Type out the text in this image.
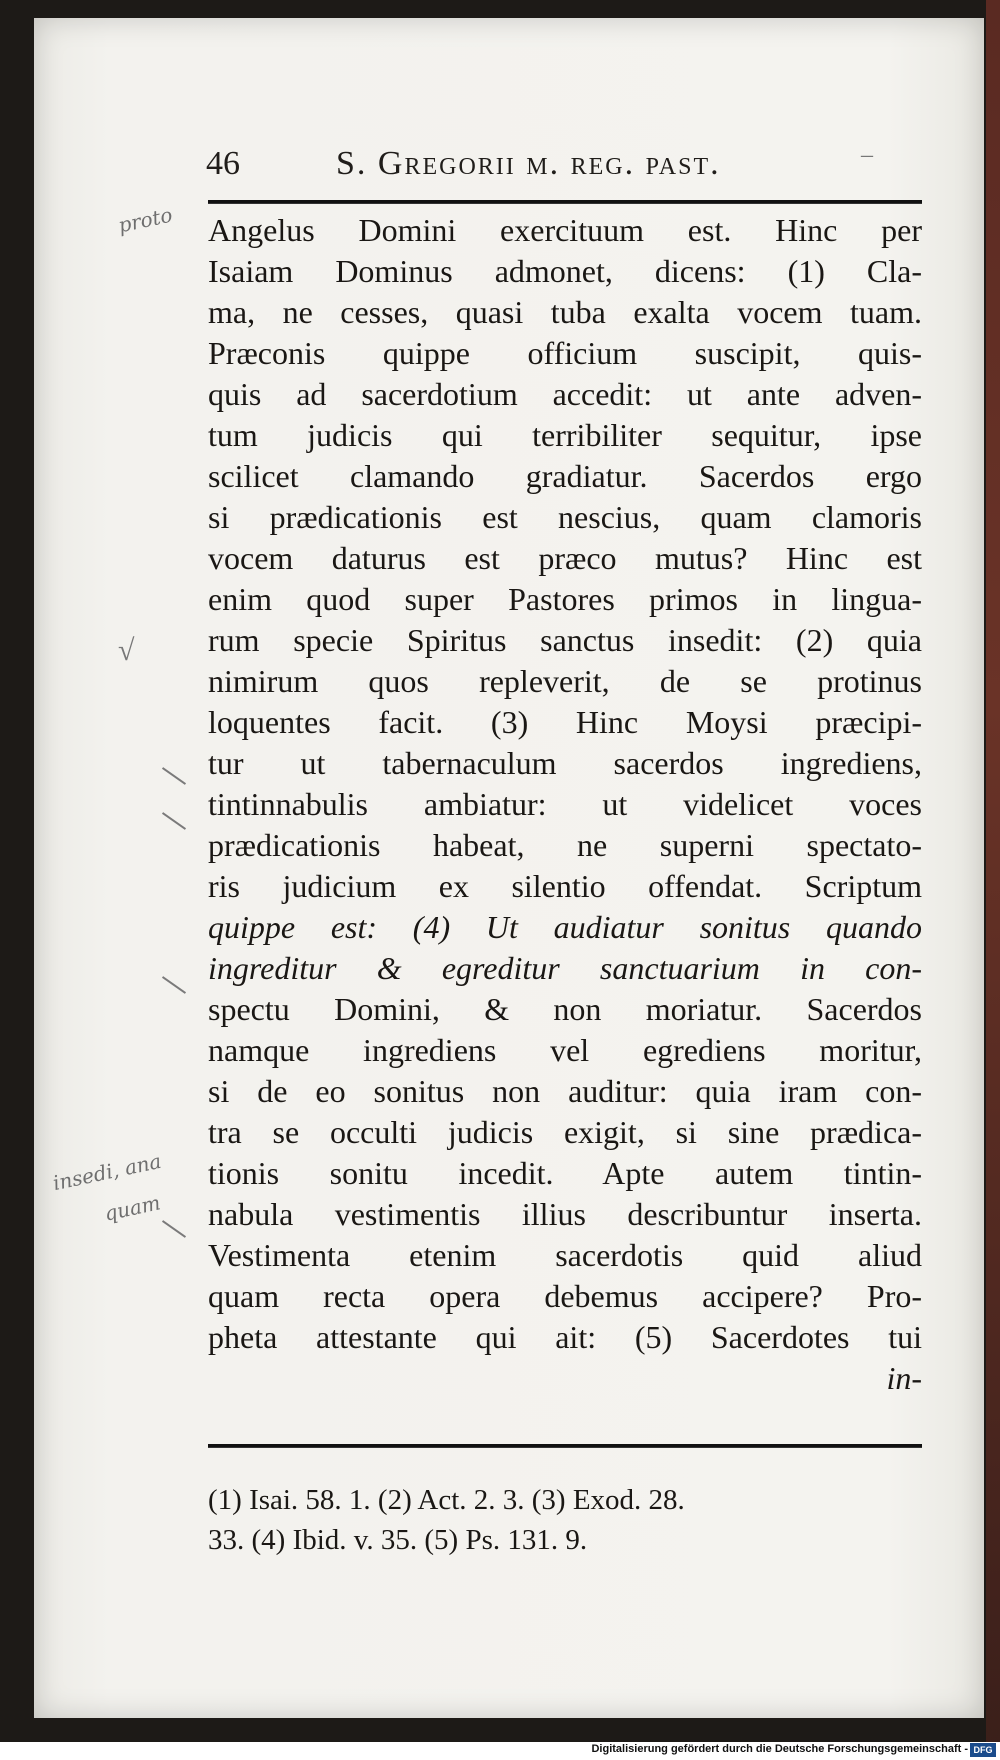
46	S. Gregorii m. reg. past.	–
Angelus Domini exercituum est. Hinc per
Isaiam Dominus admonet, dicens: (1) Cla-
ma, ne cesses, quasi tuba exalta vocem tuam.
Præconis quippe officium suscipit, quis-
quis ad sacerdotium accedit: ut ante adven-
tum judicis qui terribiliter sequitur, ipse
scilicet clamando gradiatur. Sacerdos ergo
si prædicationis est nescius, quam clamoris
vocem daturus est præco mutus? Hinc est
enim quod super Pastores primos in lingua-
rum specie Spiritus sanctus insedit: (2) quia
nimirum quos repleverit, de se protinus
loquentes facit. (3) Hinc Moysi præcipi-
tur ut tabernaculum sacerdos ingrediens,
tintinnabulis ambiatur: ut videlicet voces
prædicationis habeat, ne superni spectato-
ris judicium ex silentio offendat. Scriptum
quippe est: (4) Ut audiatur sonitus quando
ingreditur & egreditur sanctuarium in con-
spectu Domini, & non moriatur. Sacerdos
namque ingrediens vel egrediens moritur,
si de eo sonitus non auditur: quia iram con-
tra se occulti judicis exigit, si sine prædica-
tionis sonitu incedit. Apte autem tintin-
nabula vestimentis illius describuntur inserta.
Vestimenta etenim sacerdotis quid aliud
quam recta opera debemus accipere? Pro-
pheta attestante qui ait: (5) Sacerdotes tui
in-
(1) Isai. 58. 1. (2) Act. 2. 3. (3) Exod. 28.
33. (4) Ibid. v. 35. (5) Ps. 131. 9.
proto
insedi, ana
quam
√
Digitalisierung gefördert durch die Deutsche Forschungsgemeinschaft - DFG
